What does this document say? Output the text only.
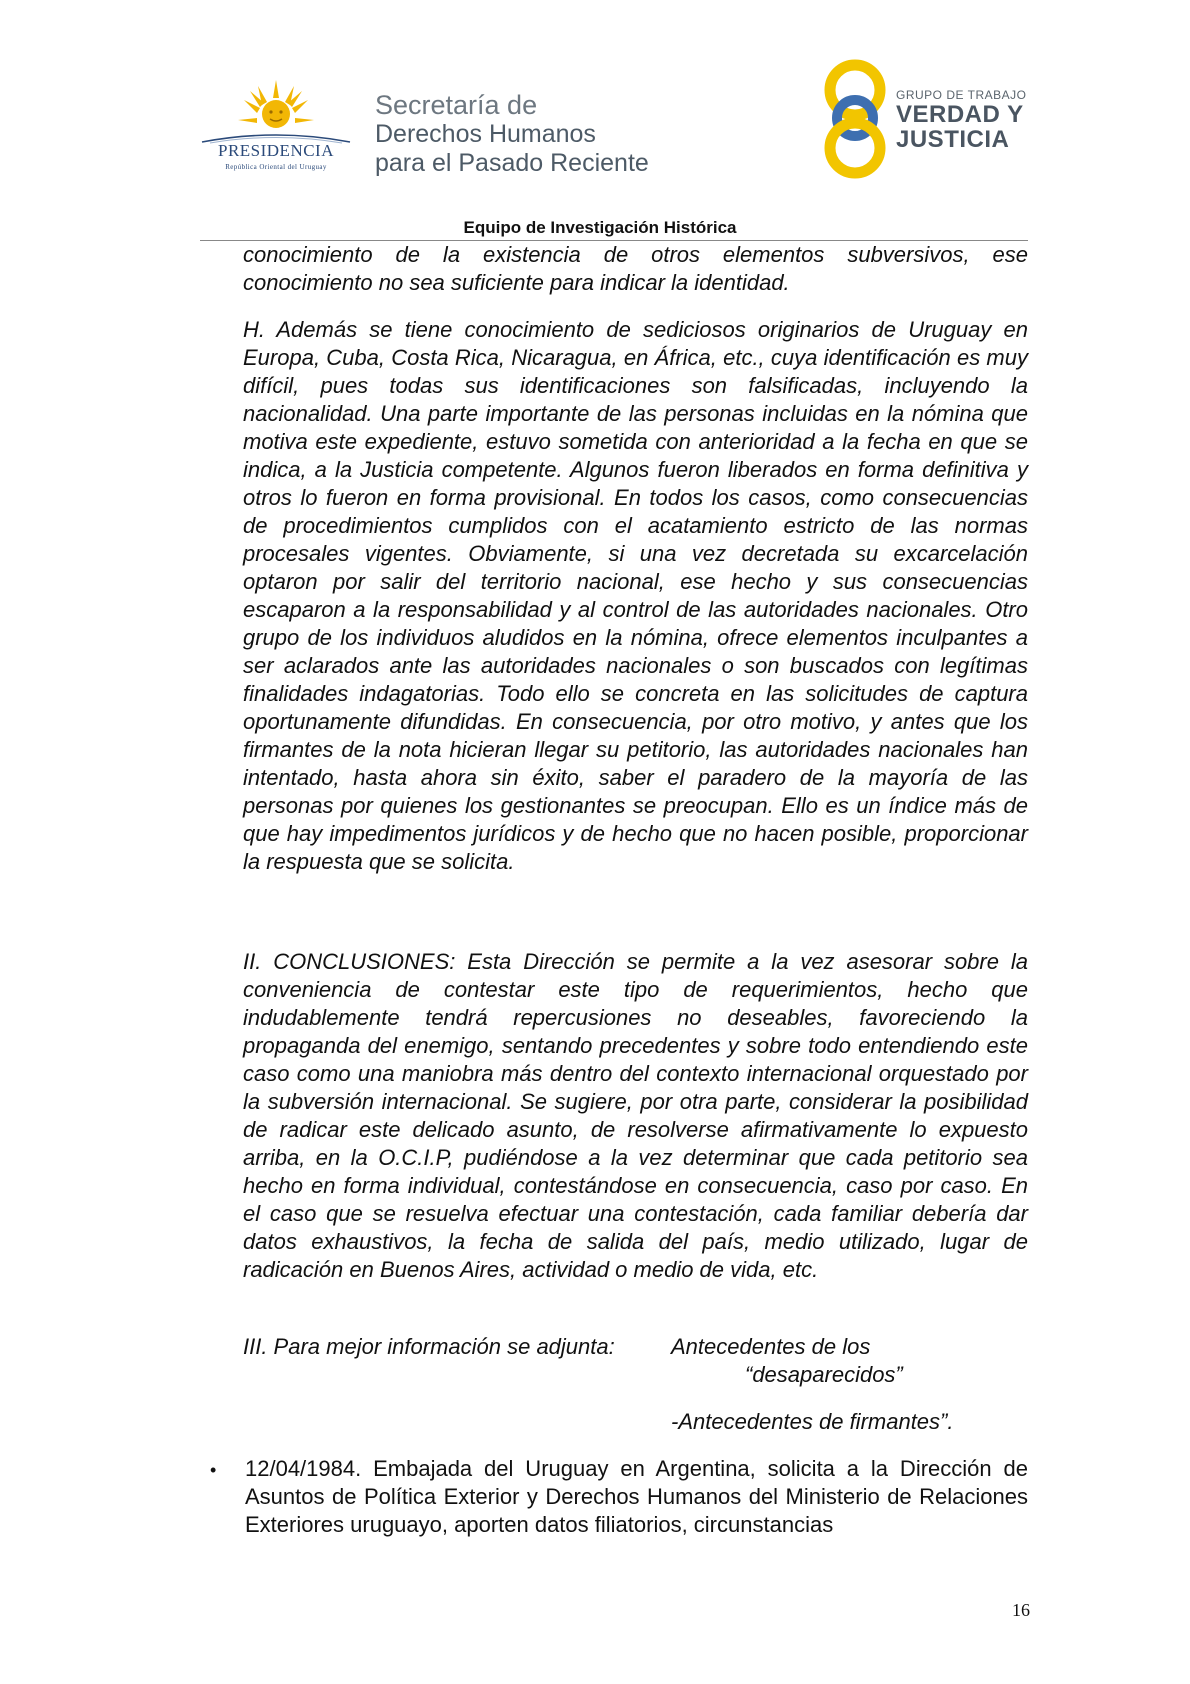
PRESIDENCIA
República Oriental del Uruguay
Secretaría de
Derechos Humanos
para el Pasado Reciente
GRUPO DE TRABAJO
VERDAD Y
JUSTICIA
Equipo de Investigación Histórica

conocimiento de la existencia de otros elementos subversivos, ese conocimiento no sea suficiente para indicar la identidad.

H. Además se tiene conocimiento de sediciosos originarios de Uruguay en Europa, Cuba, Costa Rica, Nicaragua, en África, etc., cuya identificación es muy difícil, pues todas sus identificaciones son falsificadas, incluyendo la nacionalidad. Una parte importante de las personas incluidas en la nómina que motiva este expediente, estuvo sometida con anterioridad a la fecha en que se indica, a la Justicia competente. Algunos fueron liberados en forma definitiva y otros lo fueron en forma provisional. En todos los casos, como consecuencias de procedimientos cumplidos con el acatamiento estricto de las normas procesales vigentes. Obviamente, si una vez decretada su excarcelación optaron por salir del territorio nacional, ese hecho y sus consecuencias escaparon a la responsabilidad y al control de las autoridades nacionales. Otro grupo de los individuos aludidos en la nómina, ofrece elementos inculpantes a ser aclarados ante las autoridades nacionales o son buscados con legítimas finalidades indagatorias. Todo ello se concreta en las solicitudes de captura oportunamente difundidas. En consecuencia, por otro motivo, y antes que los firmantes de la nota hicieran llegar su petitorio, las autoridades nacionales han intentado, hasta ahora sin éxito, saber el paradero de la mayoría de las personas por quienes los gestionantes se preocupan. Ello es un índice más de que hay impedimentos jurídicos y de hecho que no hacen posible, proporcionar la respuesta que se solicita.

II. CONCLUSIONES: Esta Dirección se permite a la vez asesorar sobre la conveniencia de contestar este tipo de requerimientos, hecho que indudablemente tendrá repercusiones no deseables, favoreciendo la propaganda del enemigo, sentando precedentes y sobre todo entendiendo este caso como una maniobra más dentro del contexto internacional orquestado por la subversión internacional. Se sugiere, por otra parte, considerar la posibilidad de radicar este delicado asunto, de resolverse afirmativamente lo expuesto arriba, en la O.C.I.P, pudiéndose a la vez determinar que cada petitorio sea hecho en forma individual, contestándose en consecuencia, caso por caso. En el caso que se resuelva efectuar una contestación, cada familiar debería dar datos exhaustivos, la fecha de salida del país, medio utilizado, lugar de radicación en Buenos Aires, actividad o medio de vida, etc.

III. Para mejor información se adjunta:	Antecedentes de los
“desaparecidos”
-Antecedentes de firmantes”.
• 12/04/1984. Embajada del Uruguay en Argentina, solicita a la Dirección de Asuntos de Política Exterior y Derechos Humanos del Ministerio de Relaciones Exteriores uruguayo, aporten datos filiatorios, circunstancias
16
